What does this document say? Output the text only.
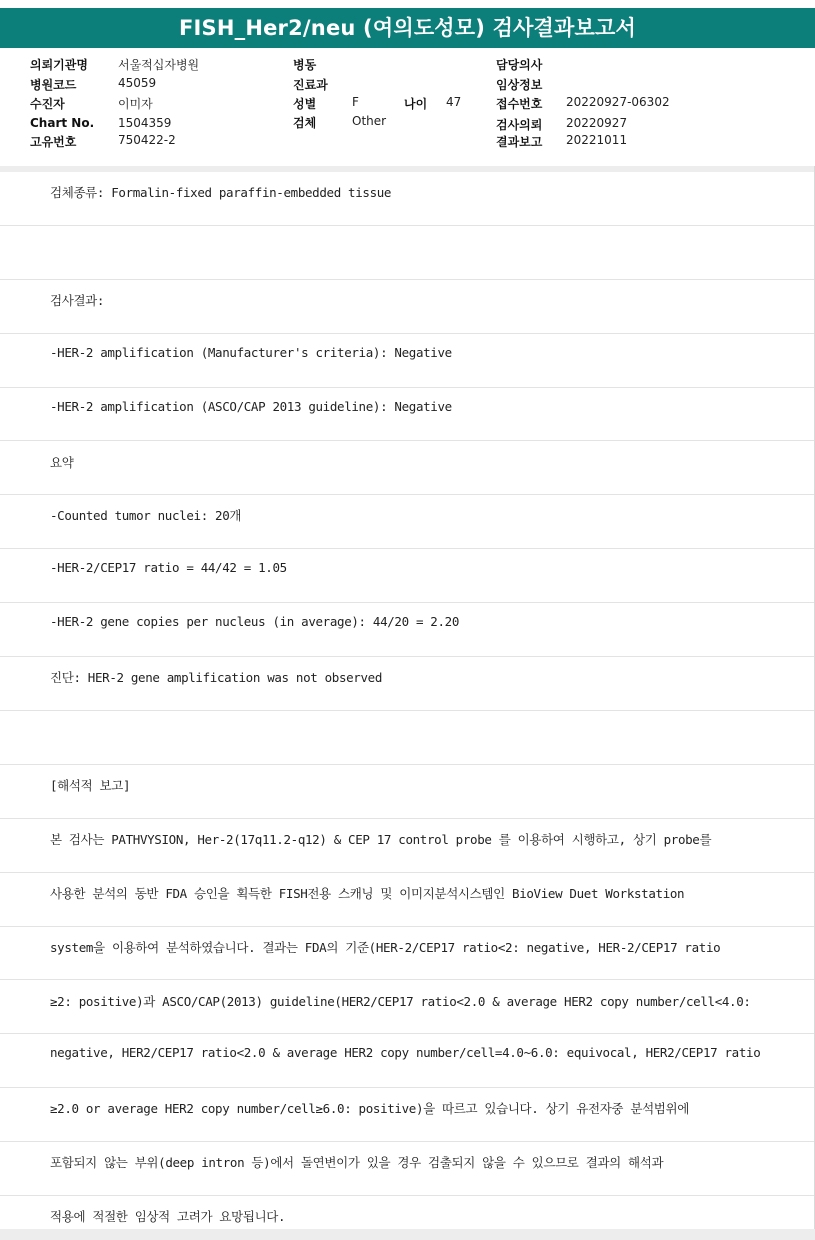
FISH_Her2/neu (여의도성모) 검사결과보고서
의뢰기관명	서울적십자병원
병원코드	45059
수진자	이미자
Chart No. 1504359
고유번호	750422-2
병동
진료과
성별	F	나이 47
검체	Other
담당의사
임상정보
접수번호 20220927-06302
검사의뢰 20220927
결과보고 20221011
검체종류: Formalin-fixed paraffin-embedded tissue
검사결과:
-HER-2 amplification (Manufacturer's criteria): Negative
-HER-2 amplification (ASCO/CAP 2013 guideline): Negative
요약
-Counted tumor nuclei: 20개
-HER-2/CEP17 ratio = 44/42 = 1.05
-HER-2 gene copies per nucleus (in average): 44/20 = 2.20
진단: HER-2 gene amplification was not observed
[해석적 보고]
본 검사는 PATHVYSION, Her-2(17q11.2-q12) & CEP 17 control probe 를 이용하여 시행하고, 상기 probe를
사용한 분석의 동반 FDA 승인을 획득한 FISH전용 스캐닝 및 이미지분석시스템인 BioView Duet Workstation
system을 이용하여 분석하였습니다. 결과는 FDA의 기준(HER-2/CEP17 ratio<2: negative, HER-2/CEP17 ratio
≥2: positive)과 ASCO/CAP(2013) guideline(HER2/CEP17 ratio<2.0 & average HER2 copy number/cell<4.0:
negative, HER2/CEP17 ratio<2.0 & average HER2 copy number/cell=4.0~6.0: equivocal, HER2/CEP17 ratio
≥2.0 or average HER2 copy number/cell≥6.0: positive)을 따르고 있습니다. 상기 유전자중 분석범위에
포함되지 않는 부위(deep intron 등)에서 돌연변이가 있을 경우 검출되지 않을 수 있으므로 결과의 해석과
적용에 적절한 임상적 고려가 요망됩니다.
